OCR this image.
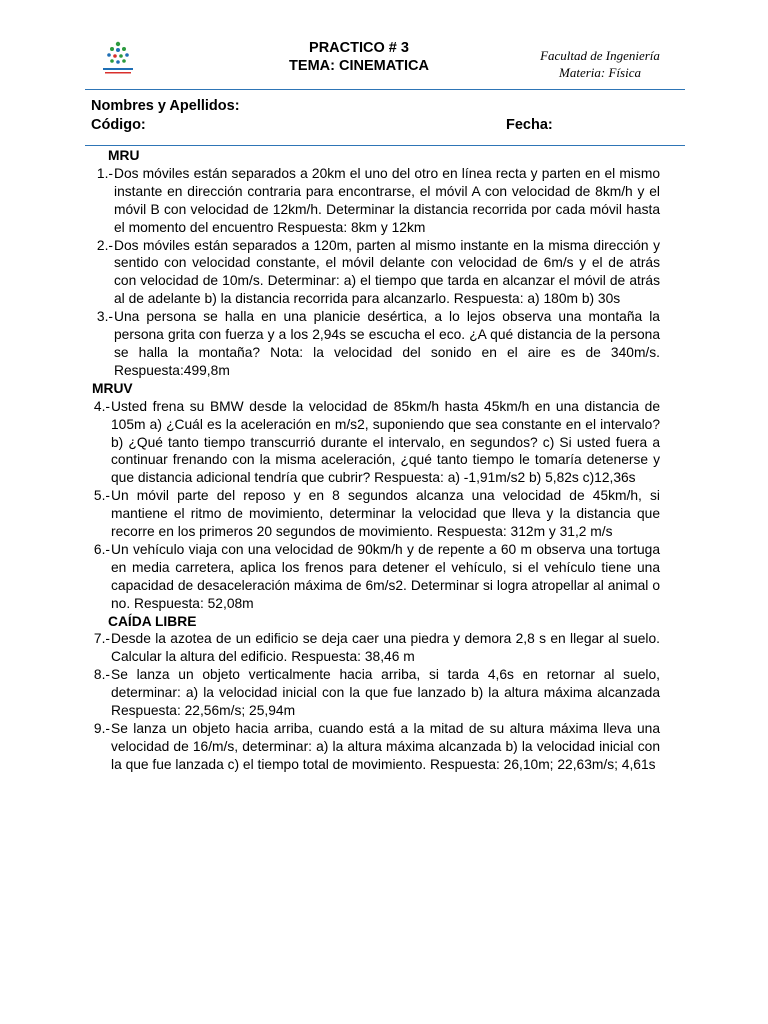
PRACTICO # 3
TEMA: CINEMATICA
Facultad de Ingeniería
Materia: Física
Nombres y Apellidos:
Código:	Fecha:
MRU
1.- Dos móviles están separados a 20km el uno del otro en línea recta y parten en el mismo instante en dirección contraria para encontrarse, el móvil A con velocidad de 8km/h y el móvil B con velocidad de 12km/h. Determinar la distancia recorrida por cada móvil hasta el momento del encuentro Respuesta: 8km y 12km
2.- Dos móviles están separados a 120m, parten al mismo instante en la misma dirección y sentido con velocidad constante, el móvil delante con velocidad de 6m/s y el de atrás con velocidad de 10m/s. Determinar: a) el tiempo que tarda en alcanzar el móvil de atrás al de adelante b) la distancia recorrida para alcanzarlo. Respuesta: a) 180m b) 30s
3.- Una persona se halla en una planicie desértica, a lo lejos observa una montaña la persona grita con fuerza y a los 2,94s se escucha el eco. ¿A qué distancia de la persona se halla la montaña? Nota: la velocidad del sonido en el aire es de 340m/s. Respuesta:499,8m
MRUV
4.- Usted frena su BMW desde la velocidad de 85km/h hasta 45km/h en una distancia de 105m a) ¿Cuál es la aceleración en m/s2, suponiendo que sea constante en el intervalo? b) ¿Qué tanto tiempo transcurrió durante el intervalo, en segundos? c) Si usted fuera a continuar frenando con la misma aceleración, ¿qué tanto tiempo le tomaría detenerse y que distancia adicional tendría que cubrir? Respuesta: a) -1,91m/s2 b) 5,82s c)12,36s
5.- Un móvil parte del reposo y en 8 segundos alcanza una velocidad de 45km/h, si mantiene el ritmo de movimiento, determinar la velocidad que lleva y la distancia que recorre en los primeros 20 segundos de movimiento. Respuesta: 312m y 31,2 m/s
6.- Un vehículo viaja con una velocidad de 90km/h y de repente a 60 m observa una tortuga en media carretera, aplica los frenos para detener el vehículo, si el vehículo tiene una capacidad de desaceleración máxima de 6m/s2. Determinar si logra atropellar al animal o no. Respuesta: 52,08m
CAÍDA LIBRE
7.- Desde la azotea de un edificio se deja caer una piedra y demora 2,8 s en llegar al suelo. Calcular la altura del edificio. Respuesta: 38,46 m
8.- Se lanza un objeto verticalmente hacia arriba, si tarda 4,6s en retornar al suelo, determinar: a) la velocidad inicial con la que fue lanzado b) la altura máxima alcanzada Respuesta: 22,56m/s; 25,94m
9.- Se lanza un objeto hacia arriba, cuando está a la mitad de su altura máxima lleva una velocidad de 16/m/s, determinar: a) la altura máxima alcanzada b) la velocidad inicial con la que fue lanzada c) el tiempo total de movimiento. Respuesta: 26,10m; 22,63m/s; 4,61s
